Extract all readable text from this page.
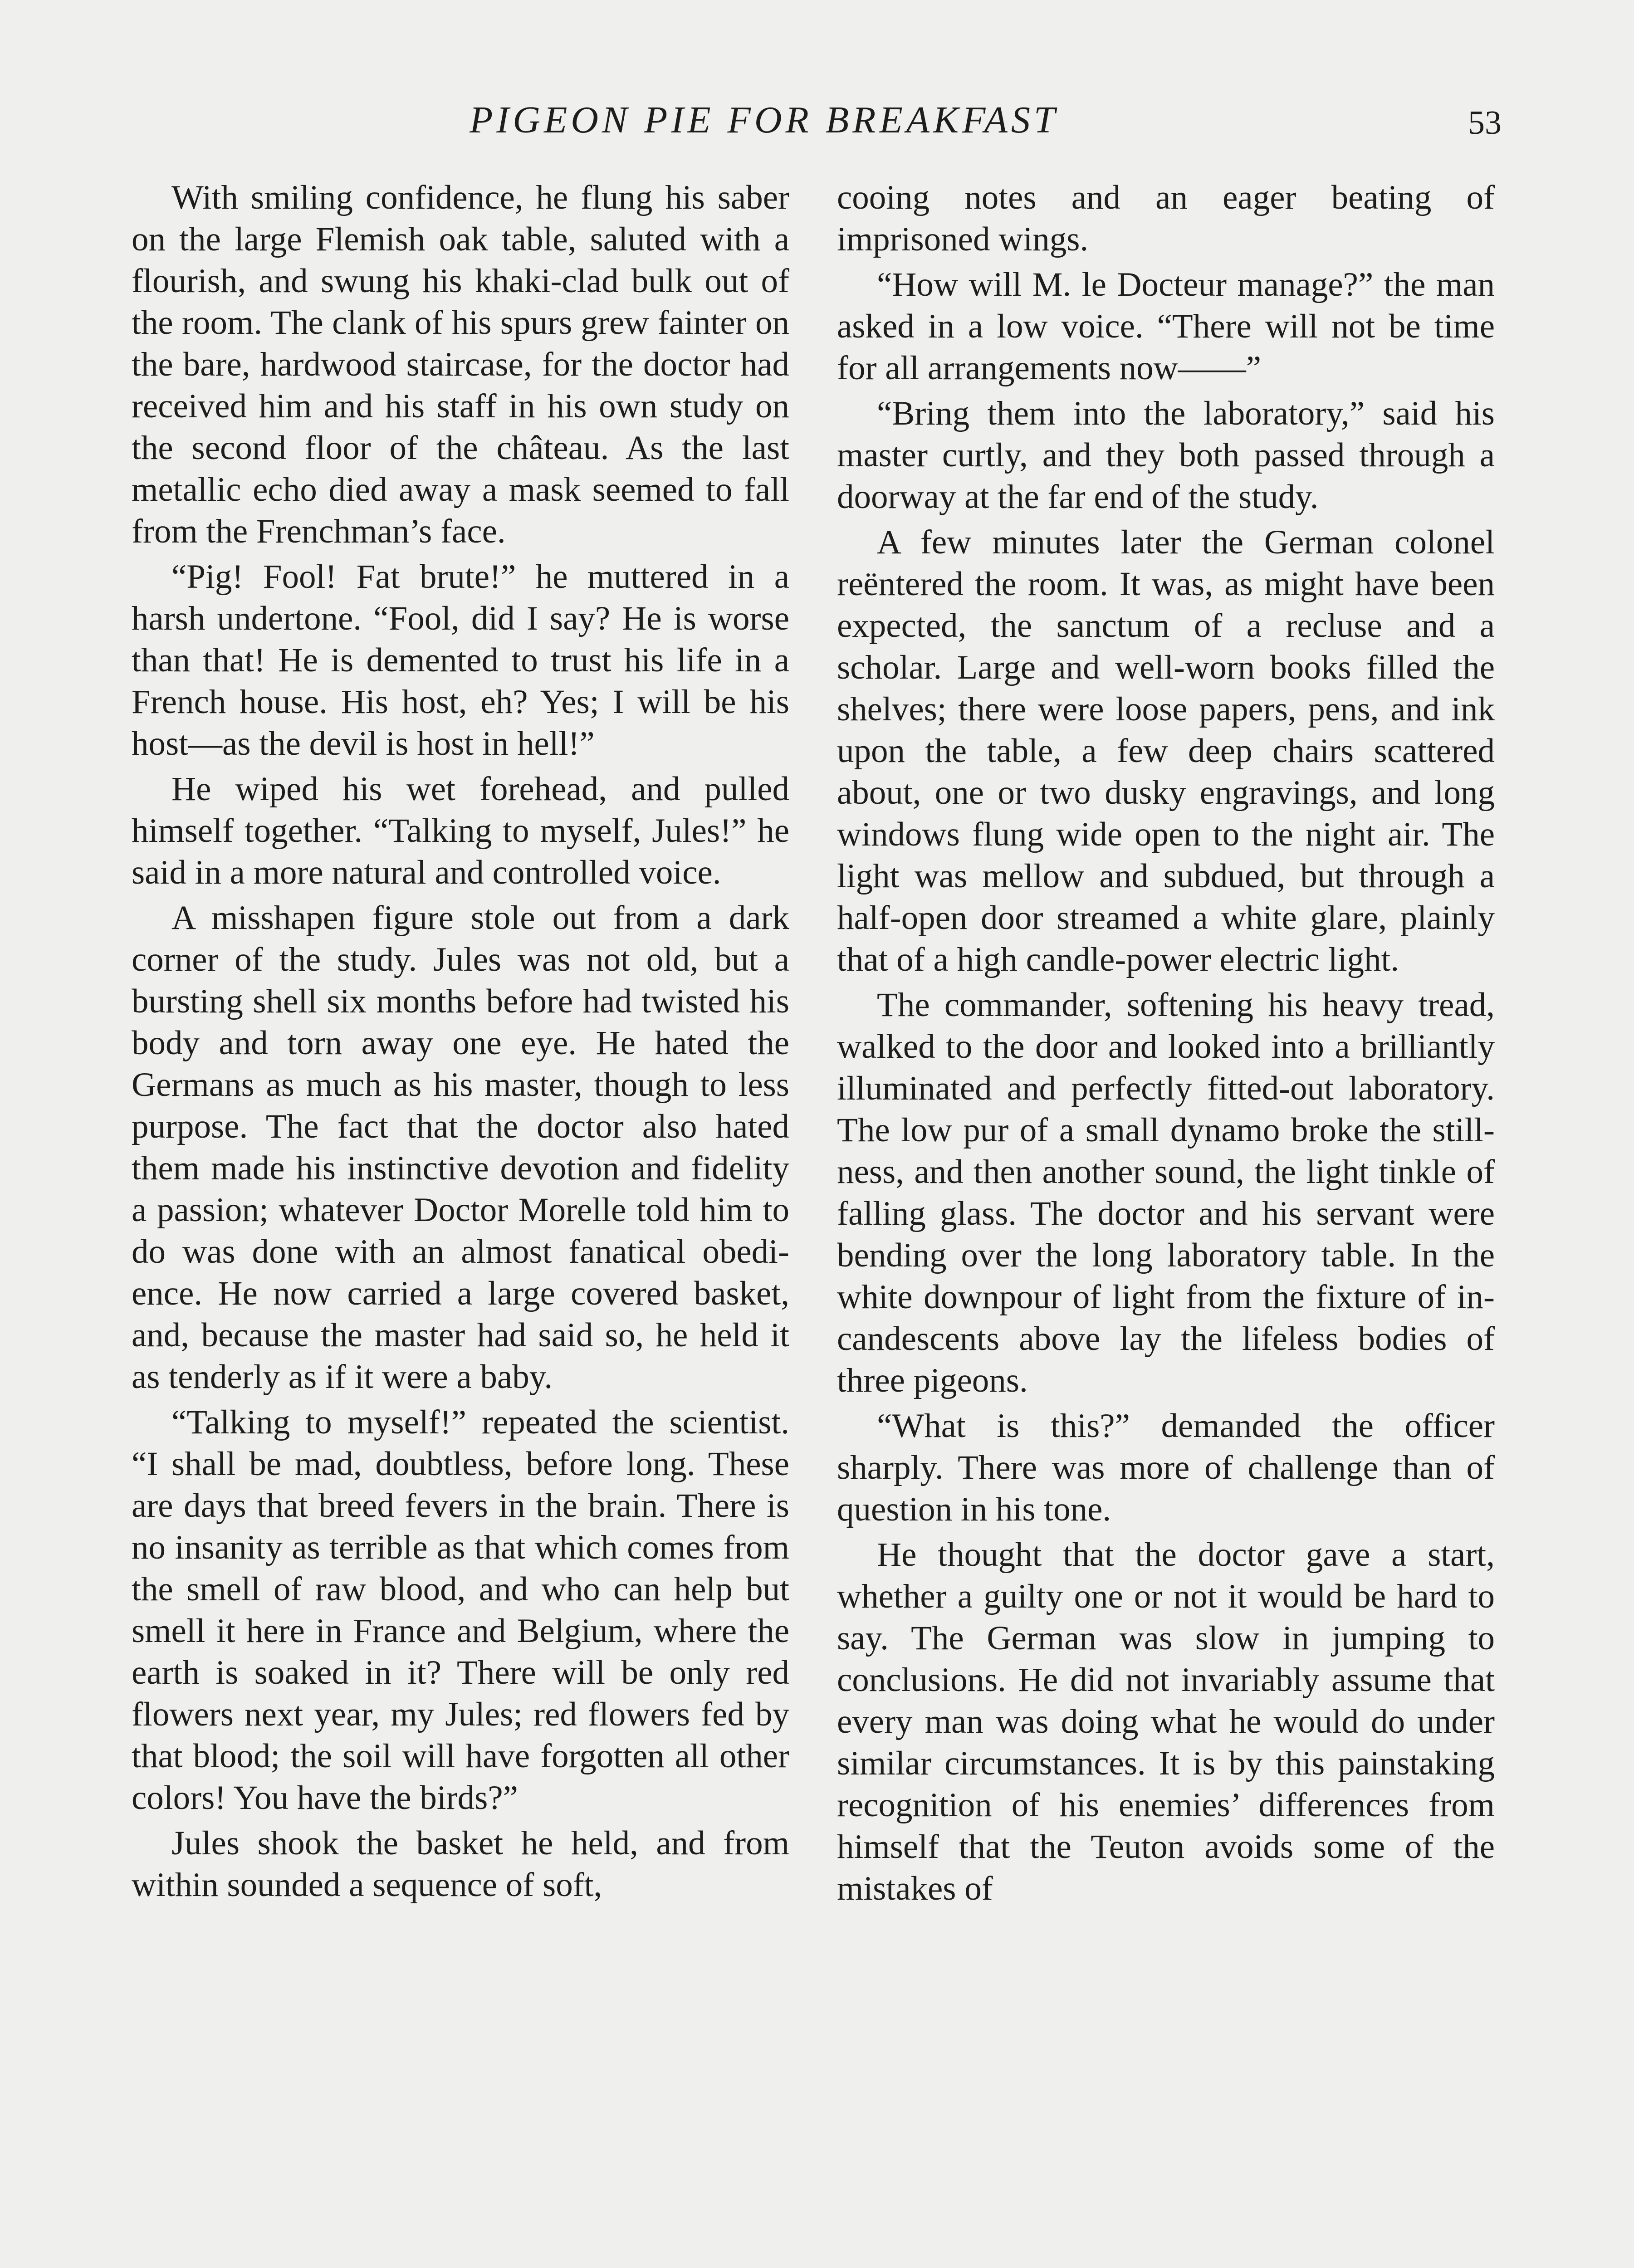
PIGEON PIE FOR BREAKFAST	53

With smiling confidence, he flung his saber on the large Flemish oak table, saluted with a flourish, and swung his khaki-clad bulk out of the room. The clank of his spurs grew fainter on the bare, hardwood staircase, for the doctor had received him and his staff in his own study on the second floor of the château. As the last metallic echo died away a mask seemed to fall from the Frenchman’s face.

“Pig! Fool! Fat brute!” he muttered in a harsh undertone. “Fool, did I say? He is worse than that! He is demented to trust his life in a French house. His host, eh? Yes; I will be his host—as the devil is host in hell!”

He wiped his wet forehead, and pulled himself together. “Talking to myself, Jules!” he said in a more natural and controlled voice.

A misshapen figure stole out from a dark corner of the study. Jules was not old, but a bursting shell six months before had twisted his body and torn away one eye. He hated the Germans as much as his master, though to less purpose. The fact that the doctor also hated them made his instinctive devotion and fidelity a passion; whatever Doctor Morelle told him to do was done with an almost fanatical obedience. He now carried a large covered basket, and, because the master had said so, he held it as tenderly as if it were a baby.

“Talking to myself!” repeated the scientist. “I shall be mad, doubtless, before long. These are days that breed fevers in the brain. There is no insanity as terrible as that which comes from the smell of raw blood, and who can help but smell it here in France and Belgium, where the earth is soaked in it? There will be only red flowers next year, my Jules; red flowers fed by that blood; the soil will have forgotten all other colors! You have the birds?”

Jules shook the basket he held, and from within sounded a sequence of soft,

cooing notes and an eager beating of imprisoned wings.

“How will M. le Docteur manage?” the man asked in a low voice. “There will not be time for all arrangements now——”

“Bring them into the laboratory,” said his master curtly, and they both passed through a doorway at the far end of the study.

A few minutes later the German colonel reëntered the room. It was, as might have been expected, the sanctum of a recluse and a scholar. Large and well-worn books filled the shelves; there were loose papers, pens, and ink upon the table, a few deep chairs scattered about, one or two dusky engravings, and long windows flung wide open to the night air. The light was mellow and subdued, but through a half-open door streamed a white glare, plainly that of a high candle-power electric light.

The commander, softening his heavy tread, walked to the door and looked into a brilliantly illuminated and perfectly fitted-out laboratory. The low pur of a small dynamo broke the stillness, and then another sound, the light tinkle of falling glass. The doctor and his servant were bending over the long laboratory table. In the white downpour of light from the fixture of incandescents above lay the lifeless bodies of three pigeons.

“What is this?” demanded the officer sharply. There was more of challenge than of question in his tone.

He thought that the doctor gave a start, whether a guilty one or not it would be hard to say. The German was slow in jumping to conclusions. He did not invariably assume that every man was doing what he would do under similar circumstances. It is by this painstaking recognition of his enemies’ differences from himself that the Teuton avoids some of the mistakes of
